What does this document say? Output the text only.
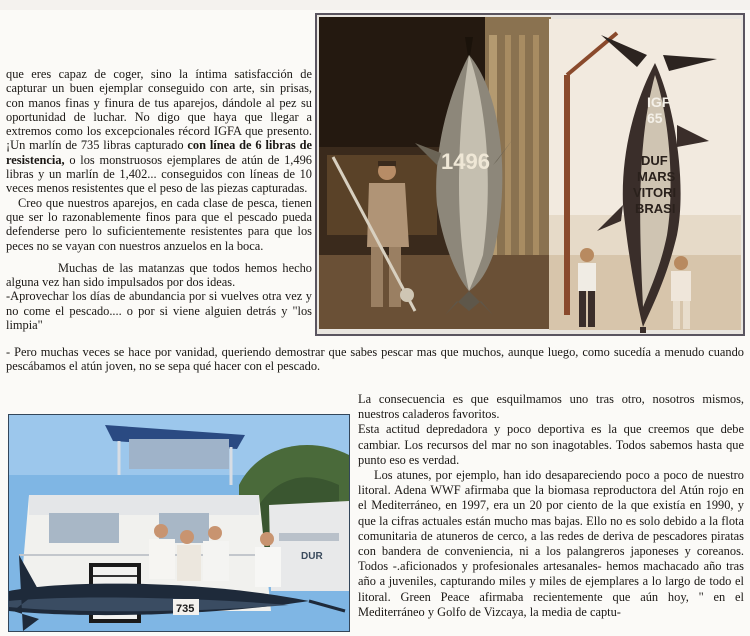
que eres capaz de coger, sino la íntima satisfacción de capturar un buen ejemplar conseguido con arte, sin prisas, con manos finas y finura de tus aparejos, dándole al pez su oportunidad de luchar. No digo que haya que llegar a extremos como los excepcionales récord IGFA que presento. ¡Un marlín de 735 libras capturado con línea de 6 libras de resistencia, o los monstruosos ejemplares de atún de 1,496 libras y un marlín de 1,402... conseguidos con líneas de 10 veces menos resistentes que el peso de las piezas capturadas.

Creo que nuestros aparejos, en cada clase de pesca, tienen que ser lo razonablemente finos para que el pescado pueda defenderse pero lo suficientemente resistentes para que los peces no se vayan con nuestros anzuelos en la boca.

Muchas de las matanzas que todos hemos hecho alguna vez han sido impulsados por dos ideas.

-Aprovechar los días de abundancia por si vuelves otra vez y no come el pescado.... o por si viene alguien detrás y "los limpia"

- Pero muchas veces se hace por vanidad, queriendo demostrar que sabes pescar mas que muchos, aunque luego, como sucedía a menudo cuando pescábamos el atún joven, no se sepa qué hacer con el pescado.

La consecuencia es que esquilmamos uno tras otro, nosotros mismos, nuestros caladeros favoritos.

Esta actitud depredadora y poco deportiva es la que creemos que debe cambiar. Los recursos del mar no son inagotables. Todos sabemos hasta que punto eso es verdad.

Los atunes, por ejemplo, han ido desapareciendo poco a poco de nuestro litoral. Adena WWF afirmaba que la biomasa reproductora del Atún rojo en el Mediterráneo, en 1997, era un 20 por ciento de la que existía en 1990, y que la cifras actuales están mucho mas bajas. Ello no es solo debido a la flota comunitaria de atuneros de cerco, a las redes de deriva de pescadores piratas con bandera de conveniencia, ni a los palangreros japoneses y coreanos. Todos -.aficionados y profesionales artesanales- hemos machacado año tras año a juveniles, capturando miles y miles de ejemplares a lo largo de todo el litoral. Green Peace afirmaba recientemente que aún hoy, " en el Mediterráneo y Golfo de Vizcaya, la media de captu-

1496
IGF
65
DUF
MARS
VITORI
BRASI
DUR
735
